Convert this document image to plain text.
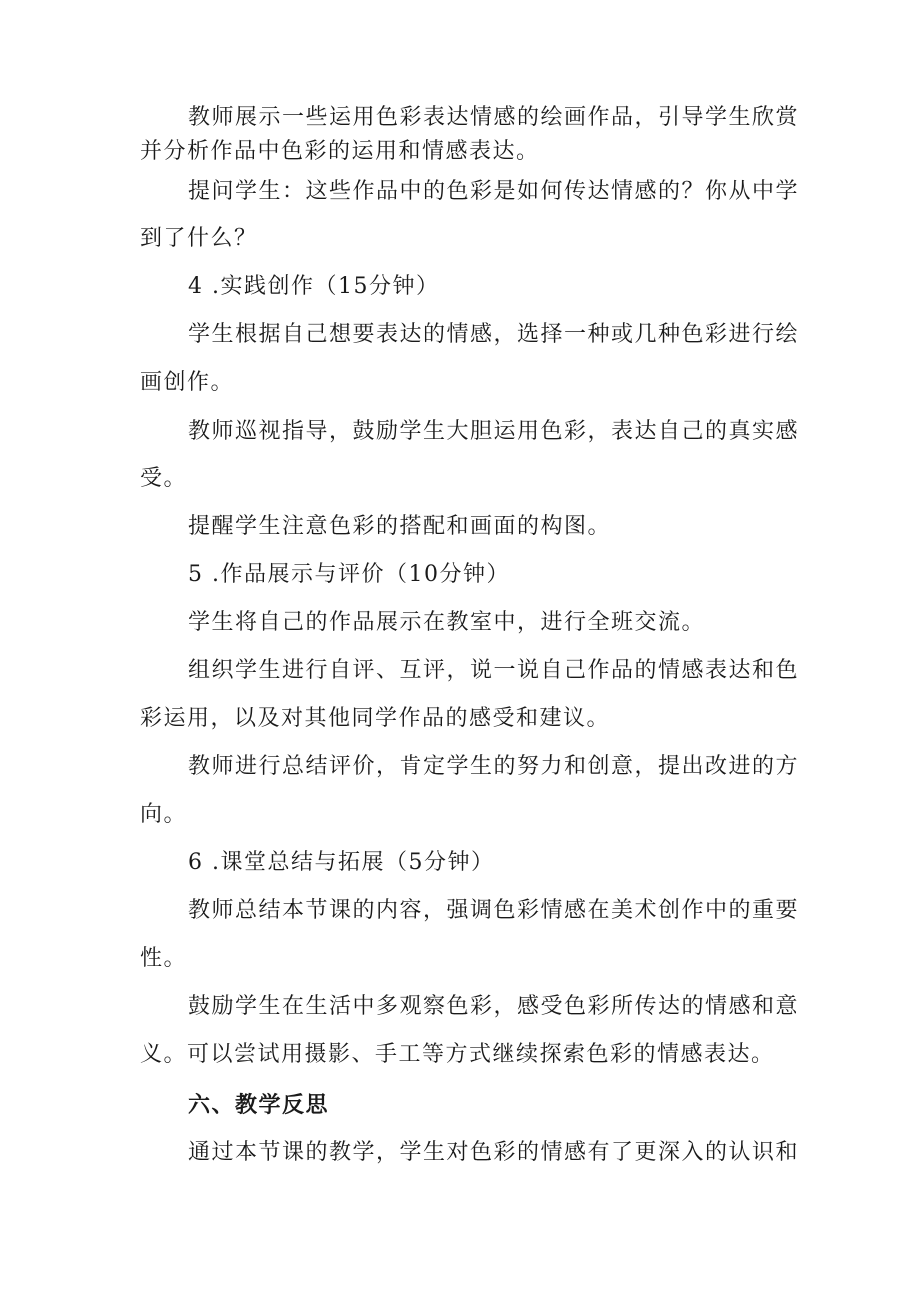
教师展示一些运用色彩表达情感的绘画作品，引导学生欣赏
并分析作品中色彩的运用和情感表达。
提问学生：这些作品中的色彩是如何传达情感的？你从中学
到了什么？
4 .实践创作（15分钟）
学生根据自己想要表达的情感，选择一种或几种色彩进行绘
画创作。
教师巡视指导，鼓励学生大胆运用色彩，表达自己的真实感
受。
提醒学生注意色彩的搭配和画面的构图。
5 .作品展示与评价（10分钟）
学生将自己的作品展示在教室中，进行全班交流。
组织学生进行自评、互评，说一说自己作品的情感表达和色
彩运用，以及对其他同学作品的感受和建议。
教师进行总结评价，肯定学生的努力和创意，提出改进的方
向。
6 .课堂总结与拓展（5分钟）
教师总结本节课的内容，强调色彩情感在美术创作中的重要
性。
鼓励学生在生活中多观察色彩，感受色彩所传达的情感和意
义。可以尝试用摄影、手工等方式继续探索色彩的情感表达。
六、教学反思
通过本节课的教学，学生对色彩的情感有了更深入的认识和
